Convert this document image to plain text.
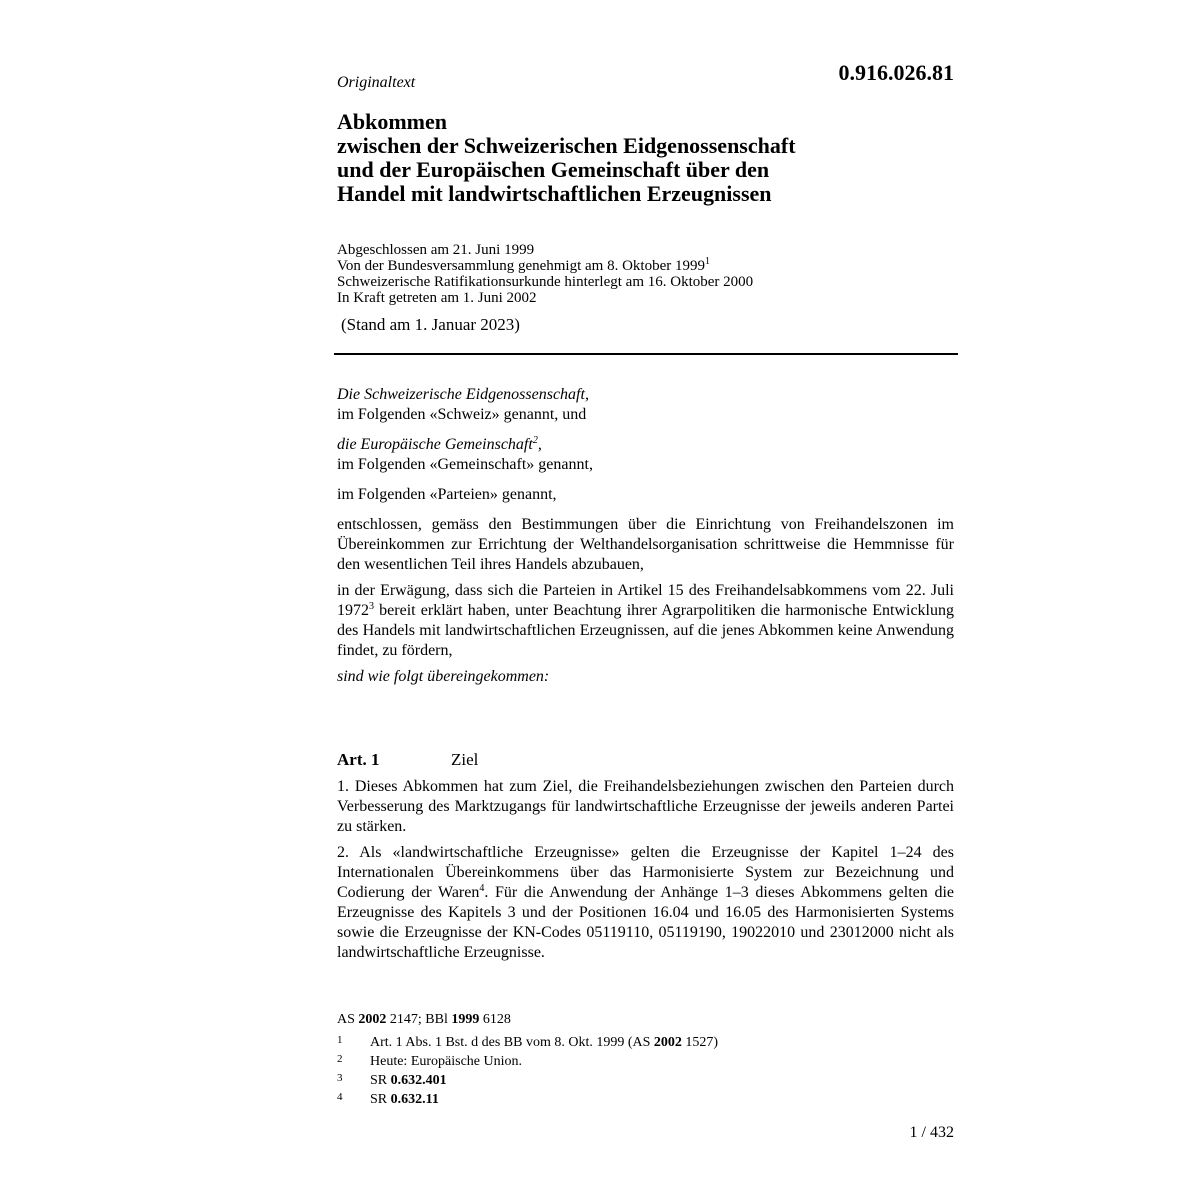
0.916.026.81
Originaltext
Abkommen
zwischen der Schweizerischen Eidgenossenschaft
und der Europäischen Gemeinschaft über den
Handel mit landwirtschaftlichen Erzeugnissen
Abgeschlossen am 21. Juni 1999
Von der Bundesversammlung genehmigt am 8. Oktober 1999$^1$
Schweizerische Ratifikationsurkunde hinterlegt am 16. Oktober 2000
In Kraft getreten am 1. Juni 2002
(Stand am 1. Januar 2023)
Die Schweizerische Eidgenossenschaft,
im Folgenden «Schweiz» genannt, und
die Europäische Gemeinschaft$^2$,
im Folgenden «Gemeinschaft» genannt,
im Folgenden «Parteien» genannt,
entschlossen, gemäss den Bestimmungen über die Einrichtung von Freihandelszonen im Übereinkommen zur Errichtung der Welthandelsorganisation schrittweise die Hemmnisse für den wesentlichen Teil ihres Handels abzubauen,
in der Erwägung, dass sich die Parteien in Artikel 15 des Freihandelsabkommens vom 22. Juli 1972$^3$ bereit erklärt haben, unter Beachtung ihrer Agrarpolitiken die harmonische Entwicklung des Handels mit landwirtschaftlichen Erzeugnissen, auf die jenes Abkommen keine Anwendung findet, zu fördern,
sind wie folgt übereingekommen:
Art. 1	Ziel
1. Dieses Abkommen hat zum Ziel, die Freihandelsbeziehungen zwischen den Parteien durch Verbesserung des Marktzugangs für landwirtschaftliche Erzeugnisse der jeweils anderen Partei zu stärken.
2. Als «landwirtschaftliche Erzeugnisse» gelten die Erzeugnisse der Kapitel 1–24 des Internationalen Übereinkommens über das Harmonisierte System zur Bezeichnung und Codierung der Waren$^4$. Für die Anwendung der Anhänge 1–3 dieses Abkommens gelten die Erzeugnisse des Kapitels 3 und der Positionen 16.04 und 16.05 des Harmonisierten Systems sowie die Erzeugnisse der KN-Codes 05119110, 05119190, 19022010 und 23012000 nicht als landwirtschaftliche Erzeugnisse.
AS 2002 2147; BBl 1999 6128
1 Art. 1 Abs. 1 Bst. d des BB vom 8. Okt. 1999 (AS 2002 1527)
2 Heute: Europäische Union.
3 SR 0.632.401
4 SR 0.632.11
1 / 432
